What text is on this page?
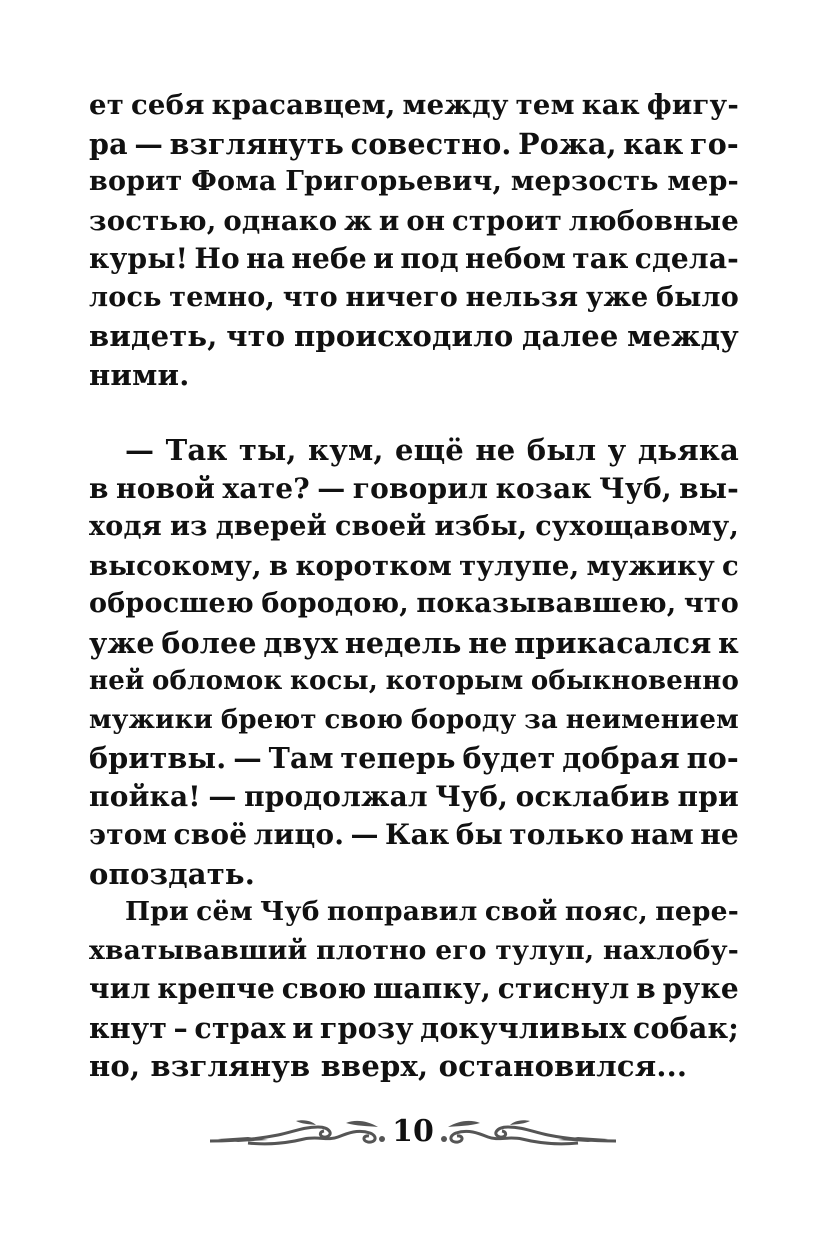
ет себя красавцем, между тем как фигу-
ра — взглянуть совестно. Рожа, как го-
ворит Фома Григорьевич, мерзость мер-
зостью, однако ж и он строит любовные
куры! Но на небе и под небом так сдела-
лось темно, что ничего нельзя уже было
видеть, что происходило далее между
ними.
— Так ты, кум, ещё не был у дьяка
в новой хате? — говорил козак Чуб, вы-
ходя из дверей своей избы, сухощавому,
высокому, в коротком тулупе, мужику с
обросшею бородою, показывавшею, что
уже более двух недель не прикасался к
ней обломок косы, которым обыкновенно
мужики бреют свою бороду за неимением
бритвы. — Там теперь будет добрая по-
пойка! — продолжал Чуб, осклабив при
этом своё лицо. — Как бы только нам не
опоздать.
При сём Чуб поправил свой пояс, пере-
хватывавший плотно его тулуп, нахлобу-
чил крепче свою шапку, стиснул в руке
кнут – страх и грозу докучливых собак;
но, взглянув вверх, остановился...
10
